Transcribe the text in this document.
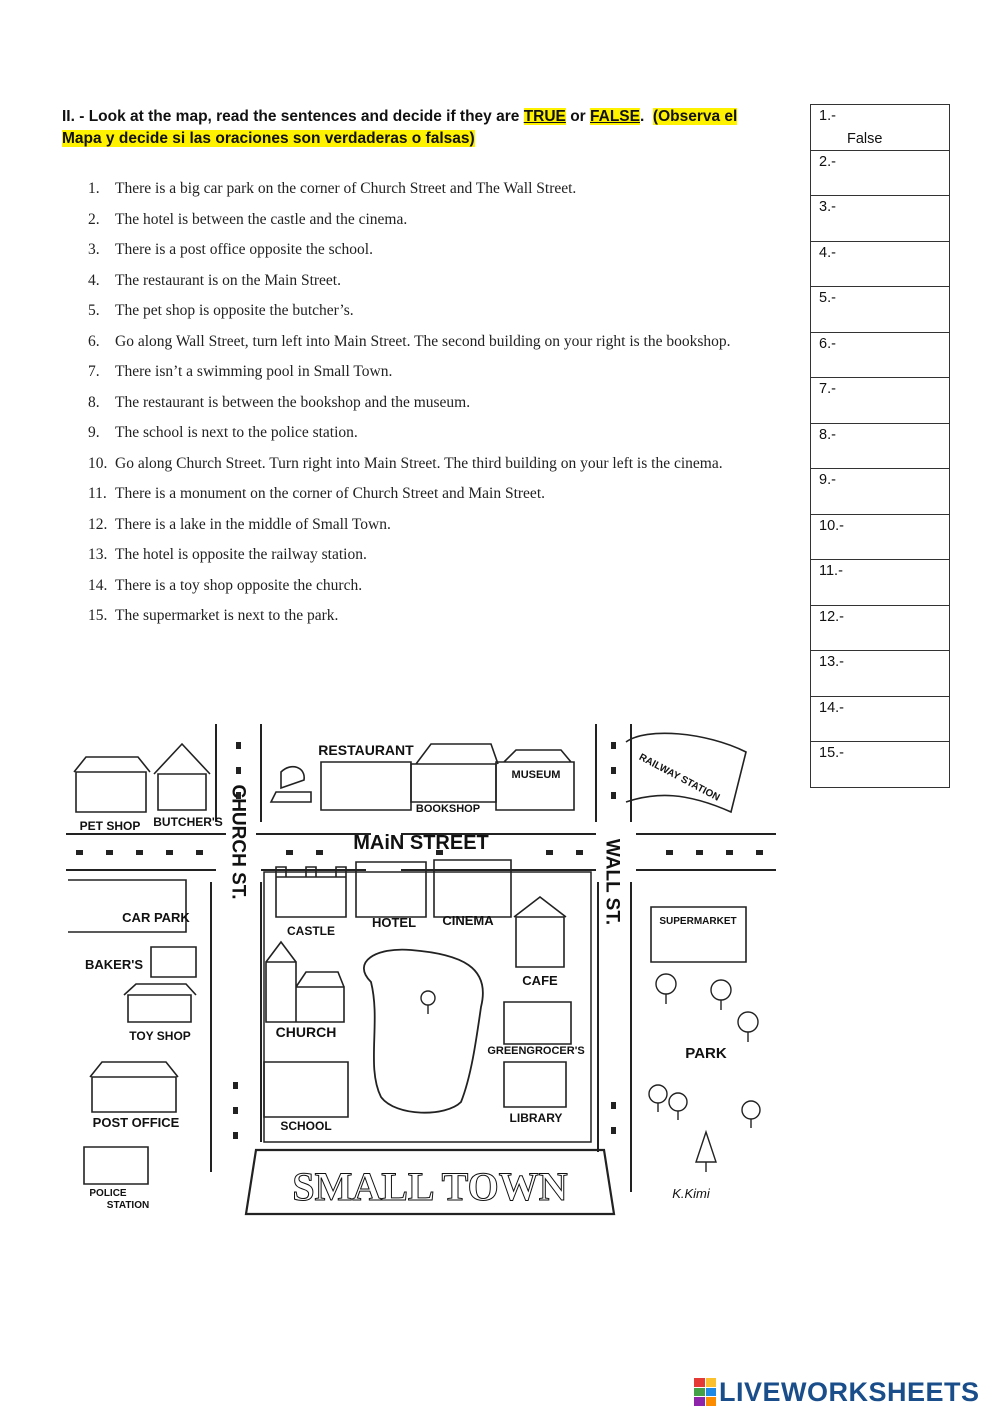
II. - Look at the map, read the sentences and decide if they are TRUE or FALSE. (Observa el Mapa y decide si las oraciones son verdaderas o falsas)
1. There is a big car park on the corner of Church Street and The Wall Street.
2. The hotel is between the castle and the cinema.
3. There is a post office opposite the school.
4. The restaurant is on the Main Street.
5. The pet shop is opposite the butcher’s.
6. Go along Wall Street, turn left into Main Street. The second building on your right is the bookshop.
7. There isn’t a swimming pool in Small Town.
8. The restaurant is between the bookshop and the museum.
9. The school is next to the police station.
10. Go along Church Street. Turn right into Main Street. The third building on your left is the cinema.
11. There is a monument on the corner of Church Street and Main Street.
12. There is a lake in the middle of Small Town.
13. The hotel is opposite the railway station.
14. There is a toy shop opposite the church.
15. The supermarket is next to the park.
1.-
False
2.-
3.-
4.-
5.-
6.-
7.-
8.-
9.-
10.-
11.-
12.-
13.-
14.-
15.-
RESTAURANT
MUSEUM
BOOKSHOP
RAILWAY STATION
PET SHOP BUTCHER'S
MAiN STREET
CHURCH ST.	WALL ST.
CAR PARK
CASTLE
HOTEL CINEMA	SUPERMARKET
BAKER'S
CAFE
TOY SHOP	CHURCH
GREENGROCER'S	PARK
POST OFFICE	SCHOOL
LIBRARY
POLICE
STATION	SMALL TOWN	K.Kimi
LIVEWORKSHEETS
